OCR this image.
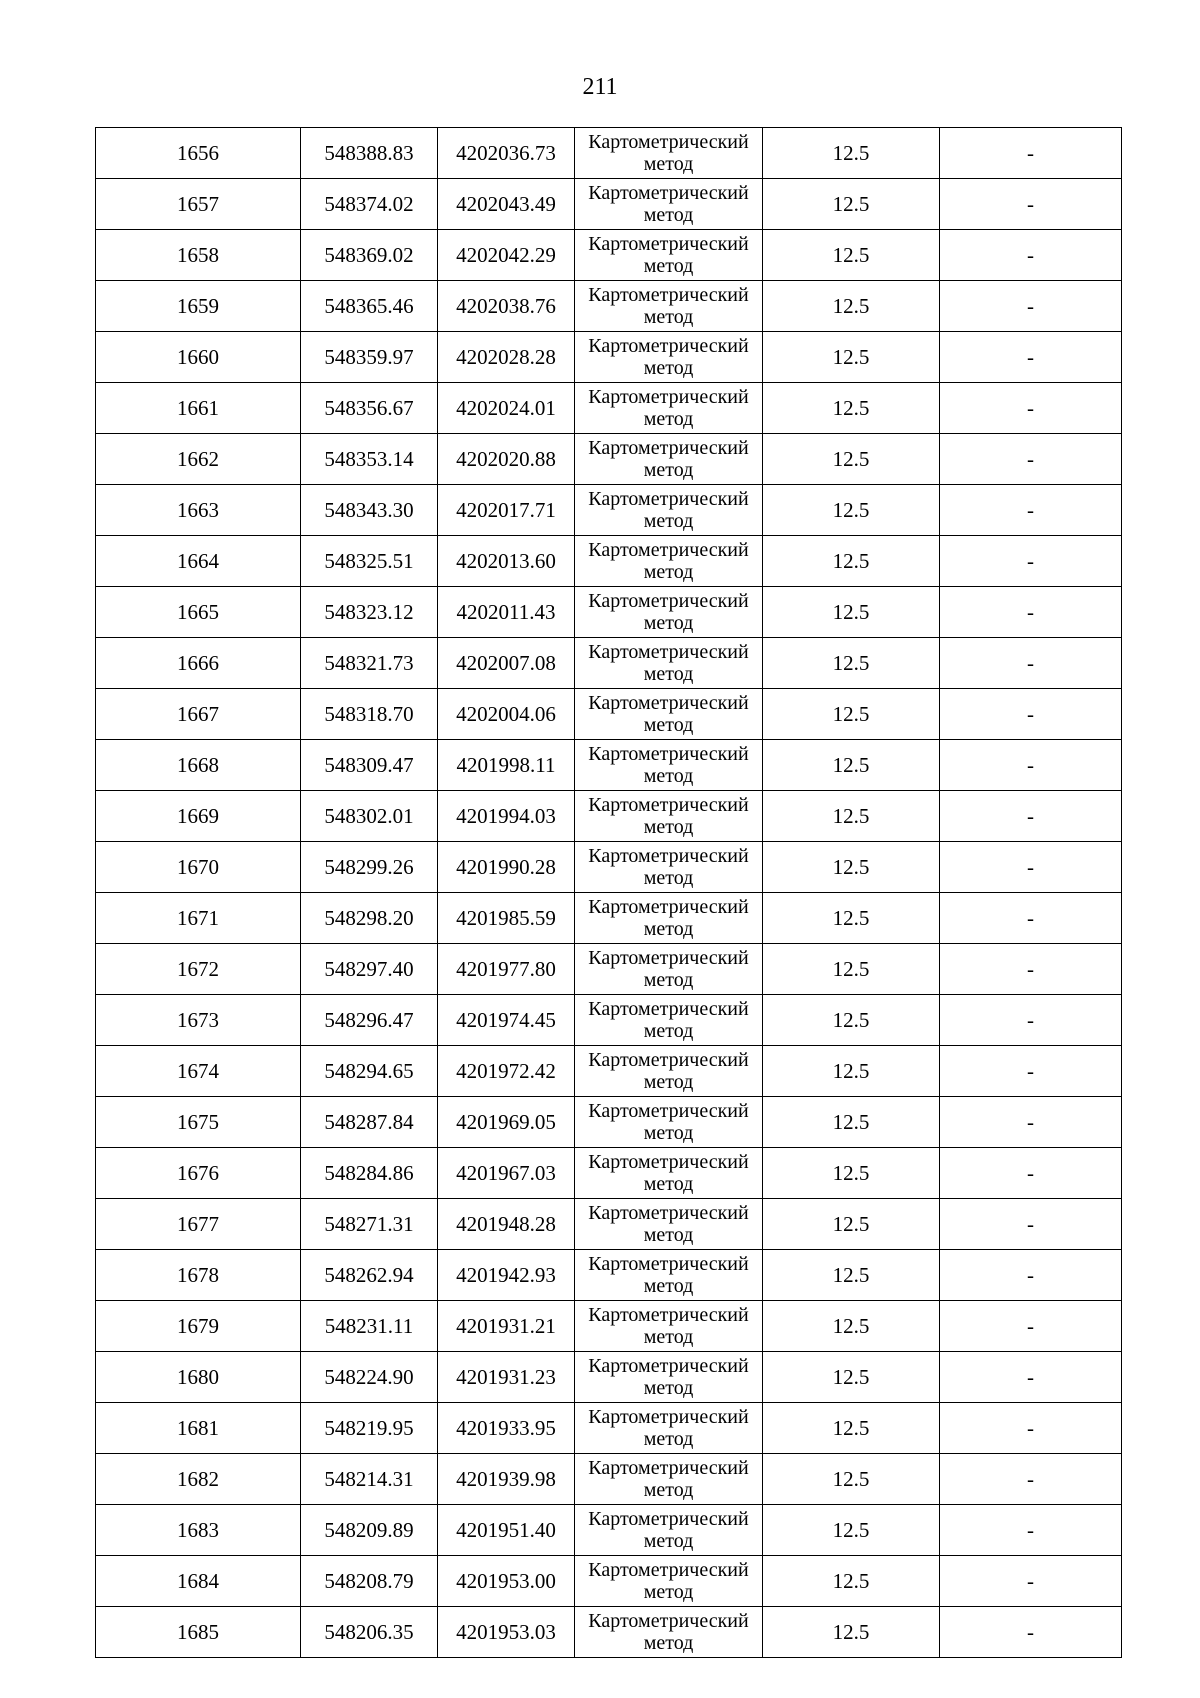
211
1656	548388.83	4202036.73	Картометрический метод	12.5	-
1657	548374.02	4202043.49	Картометрический метод	12.5	-
1658	548369.02	4202042.29	Картометрический метод	12.5	-
1659	548365.46	4202038.76	Картометрический метод	12.5	-
1660	548359.97	4202028.28	Картометрический метод	12.5	-
1661	548356.67	4202024.01	Картометрический метод	12.5	-
1662	548353.14	4202020.88	Картометрический метод	12.5	-
1663	548343.30	4202017.71	Картометрический метод	12.5	-
1664	548325.51	4202013.60	Картометрический метод	12.5	-
1665	548323.12	4202011.43	Картометрический метод	12.5	-
1666	548321.73	4202007.08	Картометрический метод	12.5	-
1667	548318.70	4202004.06	Картометрический метод	12.5	-
1668	548309.47	4201998.11	Картометрический метод	12.5	-
1669	548302.01	4201994.03	Картометрический метод	12.5	-
1670	548299.26	4201990.28	Картометрический метод	12.5	-
1671	548298.20	4201985.59	Картометрический метод	12.5	-
1672	548297.40	4201977.80	Картометрический метод	12.5	-
1673	548296.47	4201974.45	Картометрический метод	12.5	-
1674	548294.65	4201972.42	Картометрический метод	12.5	-
1675	548287.84	4201969.05	Картометрический метод	12.5	-
1676	548284.86	4201967.03	Картометрический метод	12.5	-
1677	548271.31	4201948.28	Картометрический метод	12.5	-
1678	548262.94	4201942.93	Картометрический метод	12.5	-
1679	548231.11	4201931.21	Картометрический метод	12.5	-
1680	548224.90	4201931.23	Картометрический метод	12.5	-
1681	548219.95	4201933.95	Картометрический метод	12.5	-
1682	548214.31	4201939.98	Картометрический метод	12.5	-
1683	548209.89	4201951.40	Картометрический метод	12.5	-
1684	548208.79	4201953.00	Картометрический метод	12.5	-
1685	548206.35	4201953.03	Картометрический метод	12.5	-
